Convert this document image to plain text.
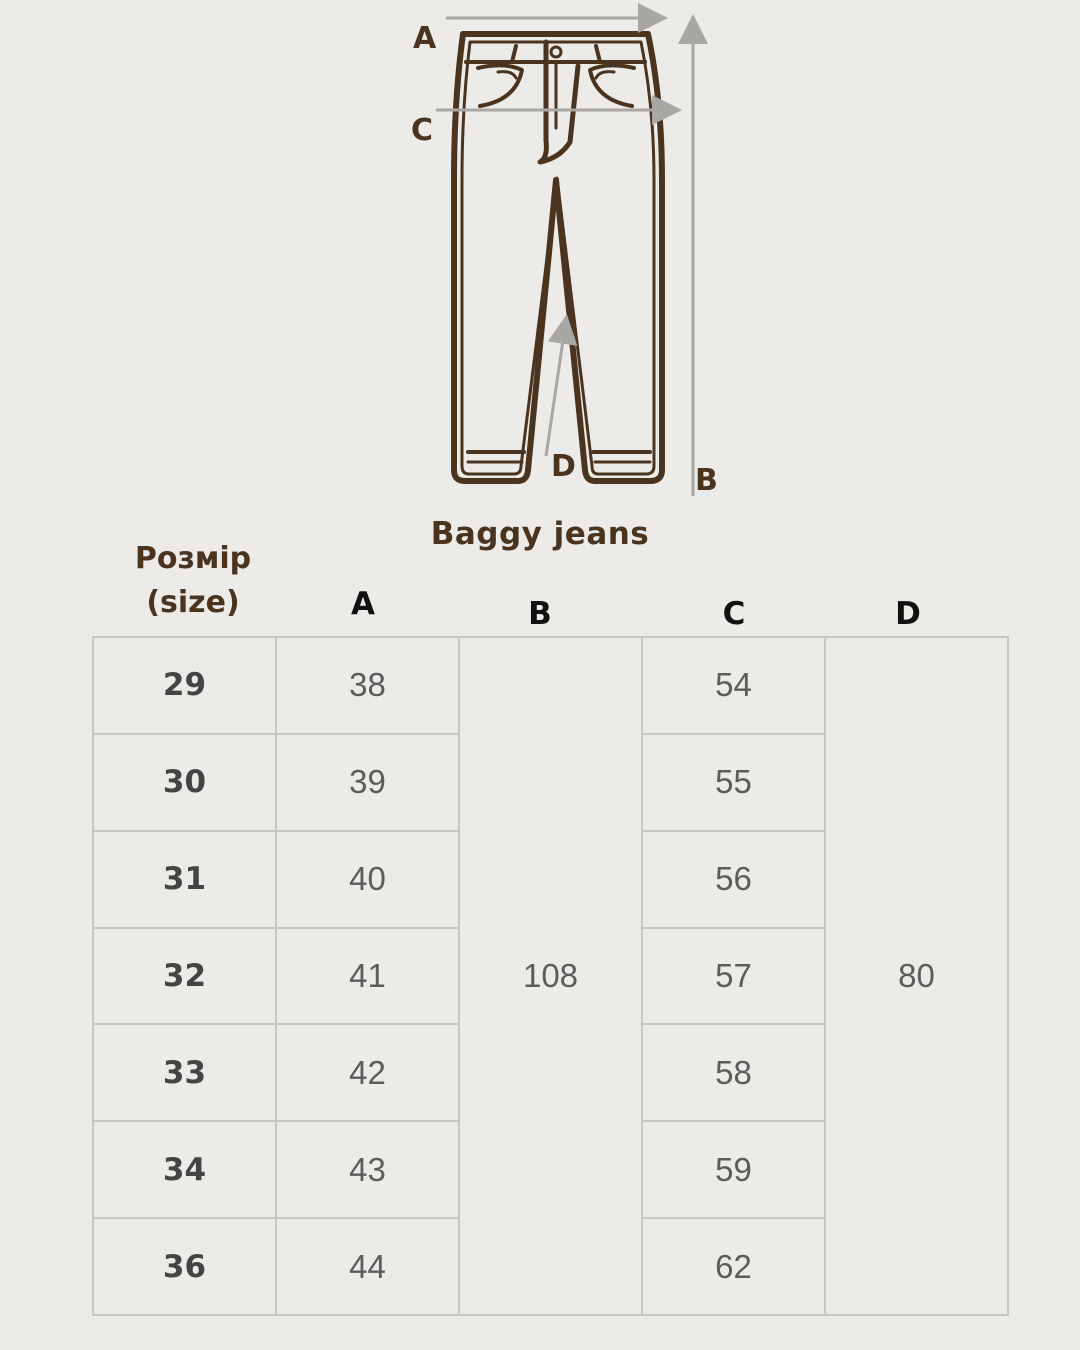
A
C
D	B
Baggy jeans
Розмір
(size)	A	B	C	D
29	38	108	54	80
30	39		55	
31	40		56	
32	41		57	
33	42		58	
34	43		59	
36	44		62	
